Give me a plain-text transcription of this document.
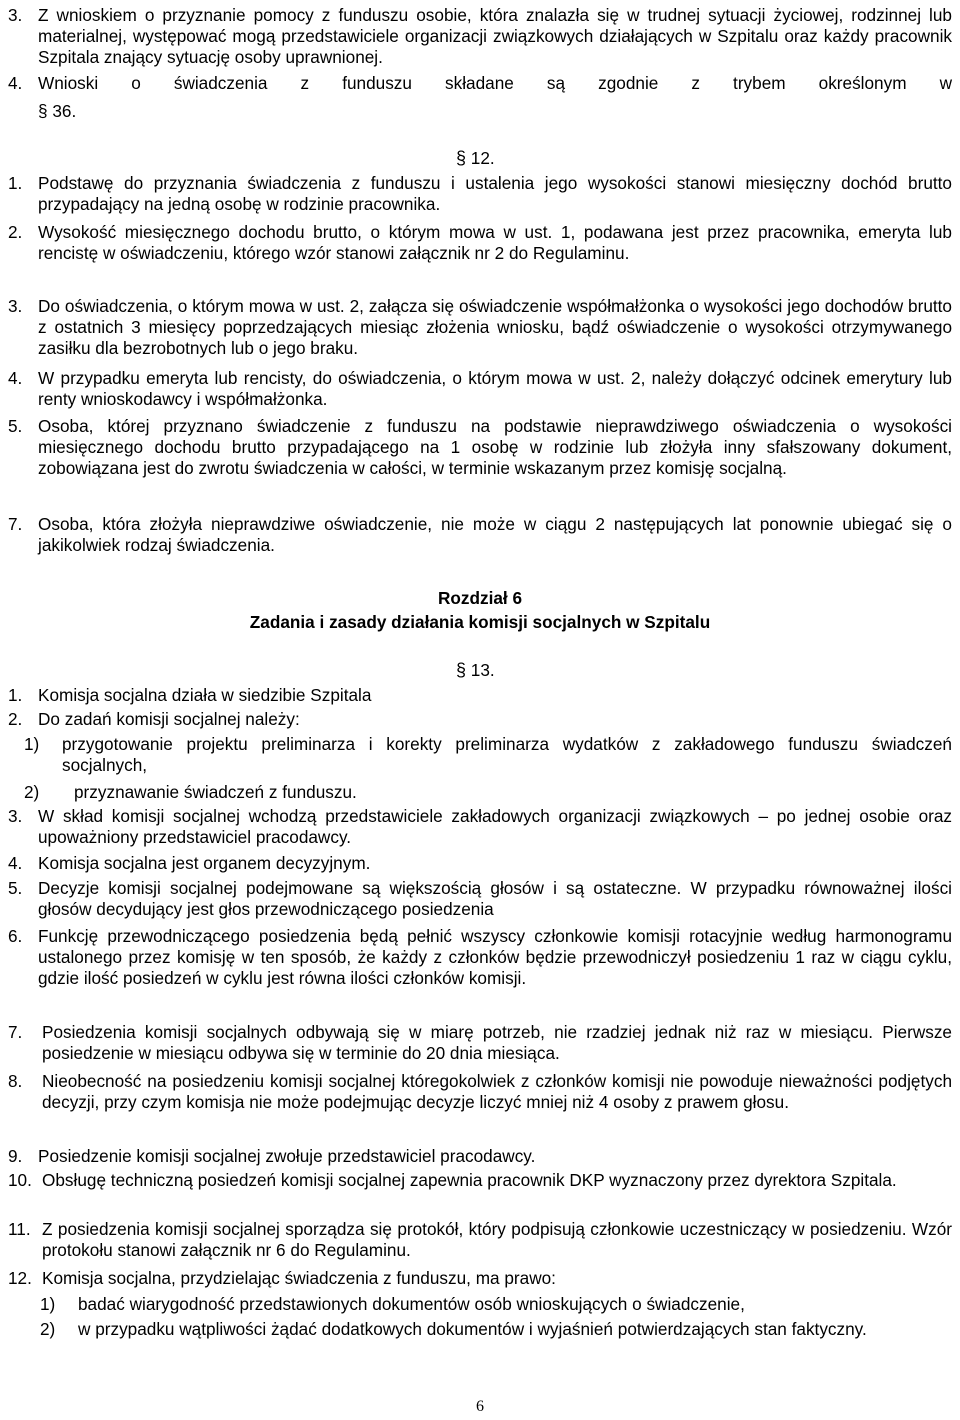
3. Z wnioskiem o przyznanie pomocy z funduszu osobie, która znalazła się w trudnej sytuacji życiowej, rodzinnej lub materialnej, występować mogą przedstawiciele organizacji związkowych działających w Szpitalu oraz każdy pracownik Szpitala znający sytuację osoby uprawnionej.
4. Wnioski o świadczenia z funduszu składane są zgodnie z trybem określonym w
§ 36.
§ 12.
1. Podstawę do przyznania świadczenia z funduszu i ustalenia jego wysokości stanowi miesięczny dochód brutto przypadający na jedną osobę w rodzinie pracownika.
2. Wysokość miesięcznego dochodu brutto, o którym mowa w ust. 1, podawana jest przez pracownika, emeryta lub rencistę w oświadczeniu, którego wzór stanowi załącznik nr 2 do Regulaminu.
3. Do oświadczenia, o którym mowa w ust. 2, załącza się oświadczenie współmałżonka o wysokości jego dochodów brutto z ostatnich 3 miesięcy poprzedzających miesiąc złożenia wniosku, bądź oświadczenie o wysokości otrzymywanego zasiłku dla bezrobotnych lub o jego braku.
4. W przypadku emeryta lub rencisty, do oświadczenia, o którym mowa w ust. 2, należy dołączyć odcinek emerytury lub renty wnioskodawcy i współmałżonka.
5. Osoba, której przyznano świadczenie z funduszu na podstawie nieprawdziwego oświadczenia o wysokości miesięcznego dochodu brutto przypadającego na 1 osobę w rodzinie lub złożyła inny sfałszowany dokument, zobowiązana jest do zwrotu świadczenia w całości, w terminie wskazanym przez komisję socjalną.
7. Osoba, która złożyła nieprawdziwe oświadczenie, nie może w ciągu 2 następujących lat ponownie ubiegać się o jakikolwiek rodzaj świadczenia.
Rozdział 6
Zadania i zasady działania komisji socjalnych w Szpitalu
§ 13.
1. Komisja socjalna działa w siedzibie Szpitala
2. Do zadań komisji socjalnej należy:
1)	przygotowanie projektu preliminarza i korekty preliminarza wydatków z zakładowego funduszu świadczeń socjalnych,
2)	przyznawanie świadczeń z funduszu.
3. W skład komisji socjalnej wchodzą przedstawiciele zakładowych organizacji związkowych – po jednej osobie oraz upoważniony przedstawiciel pracodawcy.
4. Komisja socjalna jest organem decyzyjnym.
5. Decyzje komisji socjalnej podejmowane są większością głosów i są ostateczne. W przypadku równoważnej ilości głosów decydujący jest głos przewodniczącego posiedzenia
6. Funkcję przewodniczącego posiedzenia będą pełnić wszyscy członkowie komisji rotacyjnie według harmonogramu ustalonego przez komisję w ten sposób, że każdy z członków będzie przewodniczył posiedzeniu 1 raz w ciągu cyklu, gdzie ilość posiedzeń w cyklu jest równa ilości członków komisji.
7.	Posiedzenia komisji socjalnych odbywają się w miarę potrzeb, nie rzadziej jednak niż raz w miesiącu. Pierwsze posiedzenie w miesiącu odbywa się w terminie do 20 dnia miesiąca.
8.	Nieobecność na posiedzeniu komisji socjalnej któregokolwiek z członków komisji nie powoduje nieważności podjętych decyzji, przy czym komisja nie może podejmując decyzje liczyć mniej niż 4 osoby z prawem głosu.
9. Posiedzenie komisji socjalnej zwołuje przedstawiciel pracodawcy.
10. Obsługę techniczną posiedzeń komisji socjalnej zapewnia pracownik DKP wyznaczony przez dyrektora Szpitala.
11. Z posiedzenia komisji socjalnej sporządza się protokół, który podpisują członkowie uczestniczący w posiedzeniu. Wzór protokołu stanowi załącznik nr 6 do Regulaminu.
12. Komisja socjalna, przydzielając świadczenia z funduszu, ma prawo:
1)	badać wiarygodność przedstawionych dokumentów osób wnioskujących o świadczenie,
2)	w przypadku wątpliwości żądać dodatkowych dokumentów i wyjaśnień potwierdzających stan faktyczny.
6
